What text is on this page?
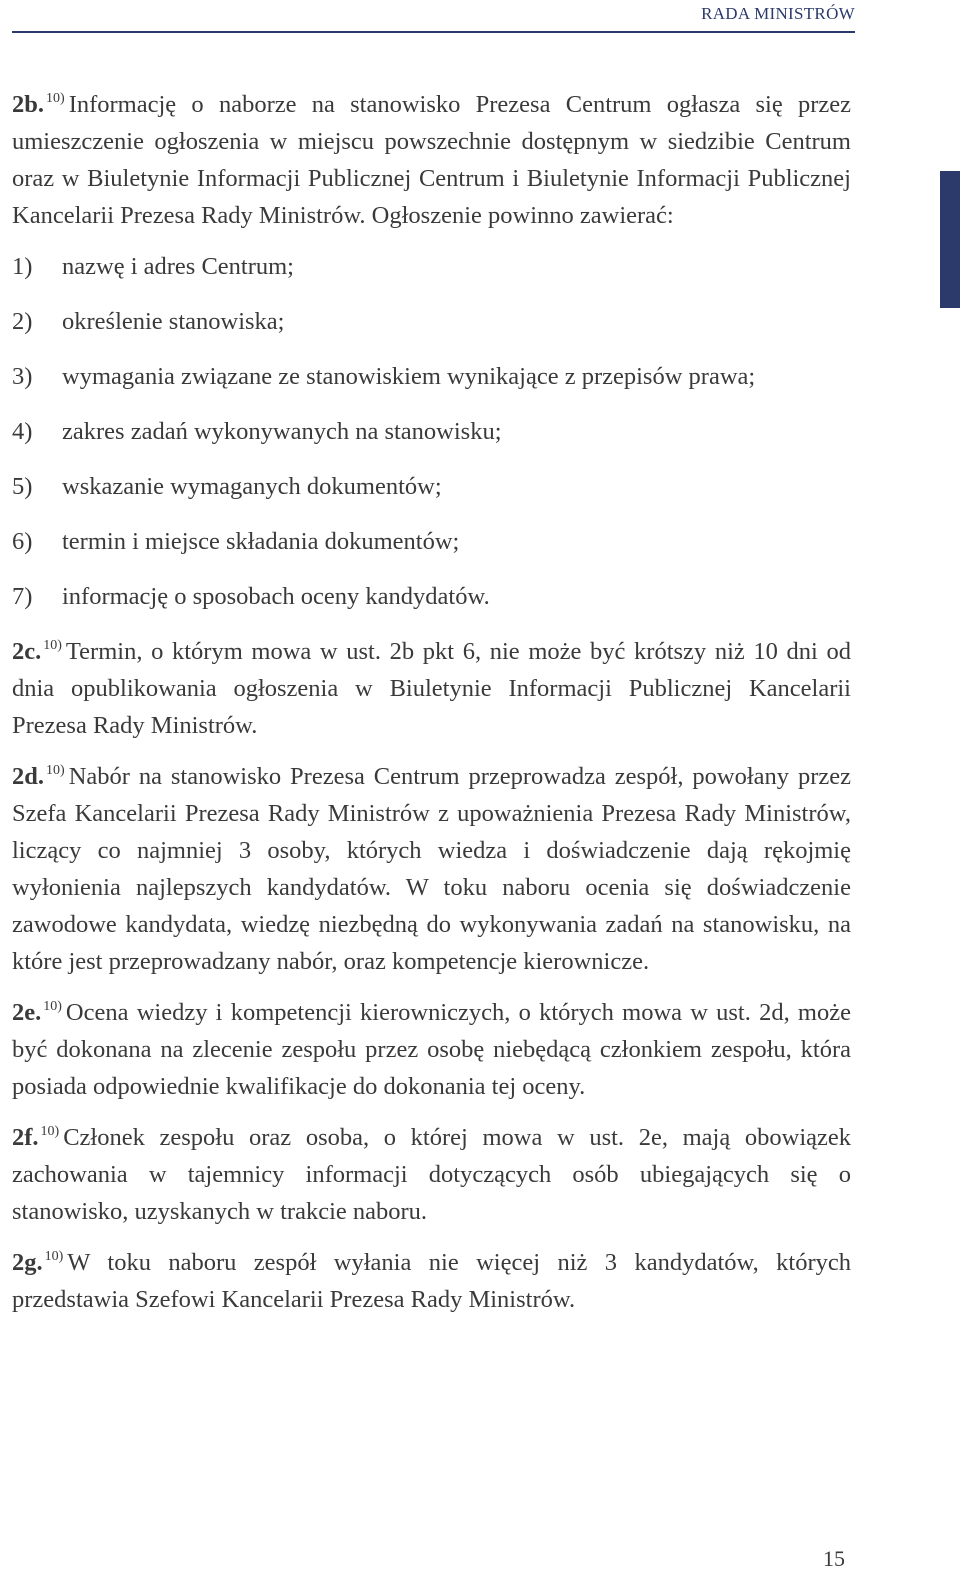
RADA MINISTRÓW

2b. $^{10)}$ Informację o naborze na stanowisko Prezesa Centrum ogłasza się przez umieszczenie ogłoszenia w miejscu powszechnie dostępnym w siedzibie Centrum oraz w Biuletynie Informacji Publicznej Centrum i Biuletynie Informacji Publicznej Kancelarii Prezesa Rady Ministrów. Ogłoszenie powinno zawierać:

1) nazwę i adres Centrum;
2) określenie stanowiska;
3) wymagania związane ze stanowiskiem wynikające z przepisów prawa;
4) zakres zadań wykonywanych na stanowisku;
5) wskazanie wymaganych dokumentów;
6) termin i miejsce składania dokumentów;
7) informację o sposobach oceny kandydatów.

2c. $^{10)}$ Termin, o którym mowa w ust. 2b pkt 6, nie może być krótszy niż 10 dni od dnia opublikowania ogłoszenia w Biuletynie Informacji Publicznej Kancelarii Prezesa Rady Ministrów.

2d. $^{10)}$ Nabór na stanowisko Prezesa Centrum przeprowadza zespół, powołany przez Szefa Kancelarii Prezesa Rady Ministrów z upoważnienia Prezesa Rady Ministrów, liczący co najmniej 3 osoby, których wiedza i doświadczenie dają rękojmię wyłonienia najlepszych kandydatów. W toku naboru ocenia się doświadczenie zawodowe kandydata, wiedzę niezbędną do wykonywania zadań na stanowisku, na które jest przeprowadzany nabór, oraz kompetencje kierownicze.

2e. $^{10)}$ Ocena wiedzy i kompetencji kierowniczych, o których mowa w ust. 2d, może być dokonana na zlecenie zespołu przez osobę niebędącą członkiem zespołu, która posiada odpowiednie kwalifikacje do dokonania tej oceny.

2f. $^{10)}$ Członek zespołu oraz osoba, o której mowa w ust. 2e, mają obowiązek zachowania w tajemnicy informacji dotyczących osób ubiegających się o stanowisko, uzyskanych w trakcie naboru.

2g. $^{10)}$ W toku naboru zespół wyłania nie więcej niż 3 kandydatów, których przedstawia Szefowi Kancelarii Prezesa Rady Ministrów.

15
